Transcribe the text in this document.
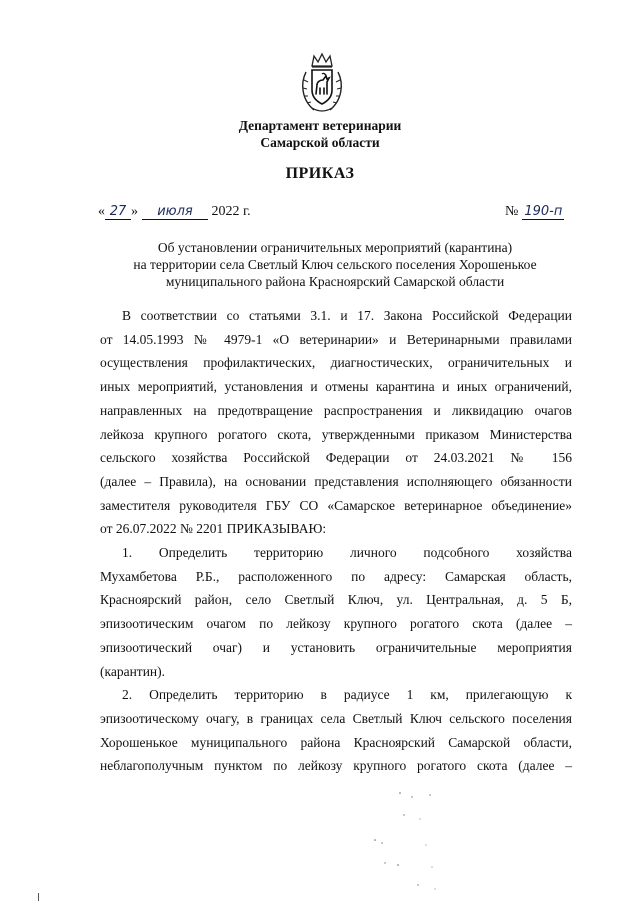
Департамент ветеринарии
Самарской области
ПРИКАЗ
« 27 » июля 2022 г.	№ 190-п
Об установлении ограничительных мероприятий (карантина)
на территории села Светлый Ключ сельского поселения Хорошенькое
муниципального района Красноярский Самарской области

В соответствии со статьями 3.1. и 17. Закона Российской Федерации

от 14.05.1993 № 4979-1 «О ветеринарии» и Ветеринарными правилами

осуществления профилактических, диагностических, ограничительных и

иных мероприятий, установления и отмены карантина и иных ограничений,

направленных на предотвращение распространения и ликвидацию очагов

лейкоза крупного рогатого скота, утвержденными приказом Министерства

сельского хозяйства Российской Федерации от 24.03.2021 № 156

(далее – Правила), на основании представления исполняющего обязанности

заместителя руководителя ГБУ СО «Самарское ветеринарное объединение»

от 26.07.2022 № 2201 ПРИКАЗЫВАЮ:

1. Определить территорию личного подсобного хозяйства

Мухамбетова Р.Б., расположенного по адресу: Самарская область,

Красноярский район, село Светлый Ключ, ул. Центральная, д. 5 Б,

эпизоотическим очагом по лейкозу крупного рогатого скота (далее –

эпизоотический очаг) и установить ограничительные мероприятия

(карантин).

2. Определить территорию в радиусе 1 км, прилегающую к

эпизоотическому очагу, в границах села Светлый Ключ сельского поселения

Хорошенькое муниципального района Красноярский Самарской области,

неблагополучным пунктом по лейкозу крупного рогатого скота (далее –
